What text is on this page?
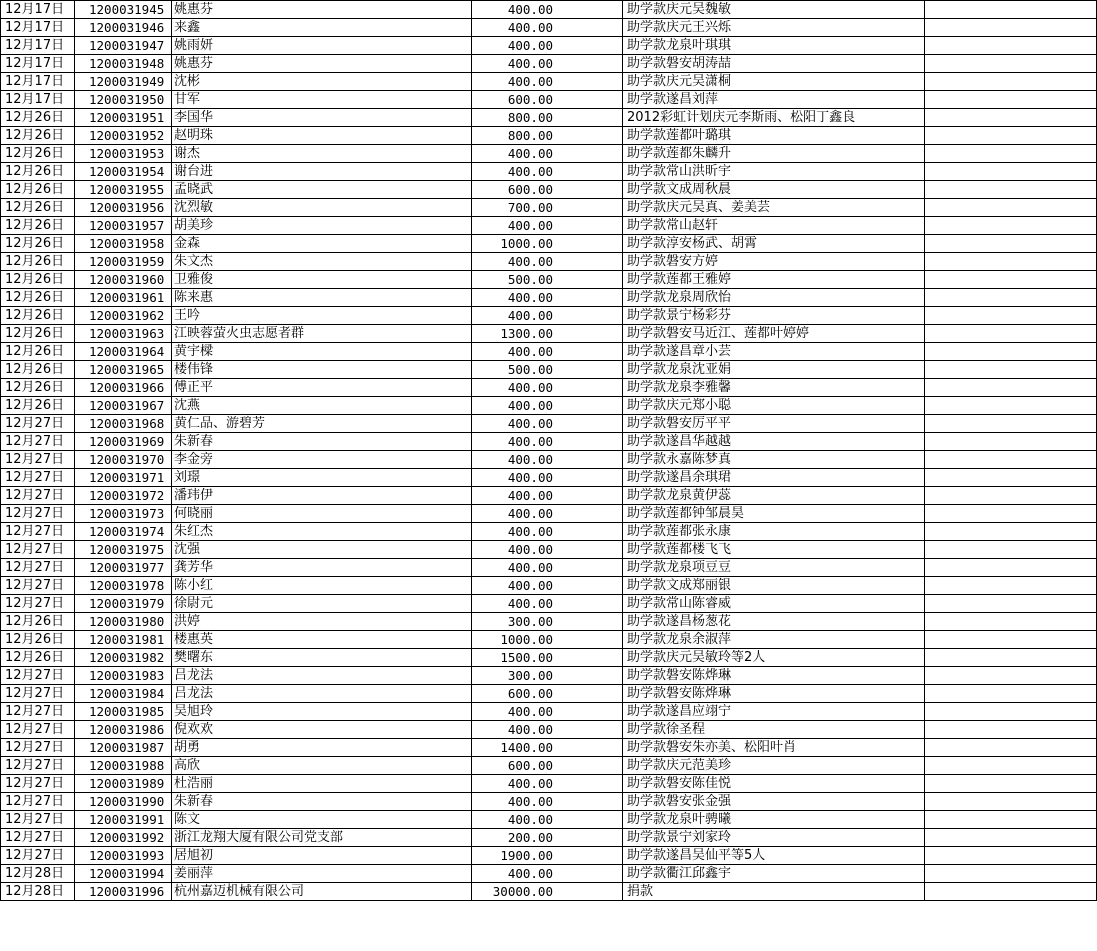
12月17日	1200031945	姚惠芬	400.00	助学款庆元吴魏敏	
12月17日	1200031946	来鑫	400.00	助学款庆元王兴烁	
12月17日	1200031947	姚雨妍	400.00	助学款龙泉叶琪琪	
12月17日	1200031948	姚惠芬	400.00	助学款磐安胡涛喆	
12月17日	1200031949	沈彬	400.00	助学款庆元吴潇桐	
12月17日	1200031950	甘军	600.00	助学款遂昌刘萍	
12月26日	1200031951	李国华	800.00	2012彩虹计划庆元李斯雨、松阳丁鑫良	
12月26日	1200031952	赵明珠	800.00	助学款莲都叶璐琪	
12月26日	1200031953	谢杰	400.00	助学款莲都朱麟升	
12月26日	1200031954	谢台进	400.00	助学款常山洪昕宇	
12月26日	1200031955	孟晓武	600.00	助学款文成周秋晨	
12月26日	1200031956	沈烈敏	700.00	助学款庆元吴真、姜美芸	
12月26日	1200031957	胡美珍	400.00	助学款常山赵轩	
12月26日	1200031958	金森	1000.00	助学款淳安杨武、胡霄	
12月26日	1200031959	朱文杰	400.00	助学款磐安方婷	
12月26日	1200031960	卫雅俊	500.00	助学款莲都王雅婷	
12月26日	1200031961	陈来惠	400.00	助学款龙泉周欣怡	
12月26日	1200031962	王吟	400.00	助学款景宁杨彩芬	
12月26日	1200031963	江映蓉萤火虫志愿者群	1300.00	助学款磐安马近江、莲都叶婷婷	
12月26日	1200031964	黄宇樑	400.00	助学款遂昌章小芸	
12月26日	1200031965	楼伟锋	500.00	助学款龙泉沈亚娟	
12月26日	1200031966	傅正平	400.00	助学款龙泉李雅馨	
12月26日	1200031967	沈燕	400.00	助学款庆元郑小聪	
12月27日	1200031968	黄仁品、游碧芳	400.00	助学款磐安厉平平	
12月27日	1200031969	朱新春	400.00	助学款遂昌华越越	
12月27日	1200031970	李金旁	400.00	助学款永嘉陈梦真	
12月27日	1200031971	刘璟	400.00	助学款遂昌余琪珺	
12月27日	1200031972	潘玮伊	400.00	助学款龙泉黄伊蕊	
12月27日	1200031973	何晓丽	400.00	助学款莲都钟邹晨昊	
12月27日	1200031974	朱红杰	400.00	助学款莲都张永康	
12月27日	1200031975	沈强	400.00	助学款莲都楼飞飞	
12月27日	1200031977	龚芳华	400.00	助学款龙泉项豆豆	
12月27日	1200031978	陈小红	400.00	助学款文成郑丽银	
12月27日	1200031979	徐尉元	400.00	助学款常山陈睿威	
12月26日	1200031980	洪婷	300.00	助学款遂昌杨葱花	
12月26日	1200031981	楼惠英	1000.00	助学款龙泉余淑萍	
12月26日	1200031982	樊曙东	1500.00	助学款庆元吴敏玲等2人	
12月27日	1200031983	吕龙法	300.00	助学款磐安陈烨琳	
12月27日	1200031984	吕龙法	600.00	助学款磐安陈烨琳	
12月27日	1200031985	吴旭玲	400.00	助学款遂昌应翊宁	
12月27日	1200031986	倪欢欢	400.00	助学款徐圣程	
12月27日	1200031987	胡勇	1400.00	助学款磐安朱亦美、松阳叶肖	
12月27日	1200031988	高欣	600.00	助学款庆元范美珍	
12月27日	1200031989	杜浩丽	400.00	助学款磐安陈佳悦	
12月27日	1200031990	朱新春	400.00	助学款磐安张金强	
12月27日	1200031991	陈文	400.00	助学款龙泉叶骋曦	
12月27日	1200031992	浙江龙翔大厦有限公司党支部	200.00	助学款景宁刘家玲	
12月27日	1200031993	居旭初	1900.00	助学款遂昌吴仙平等5人	
12月28日	1200031994	姜丽萍	400.00	助学款衢江邱鑫宇	
12月28日	1200031996	杭州嘉迈机械有限公司	30000.00	捐款	
